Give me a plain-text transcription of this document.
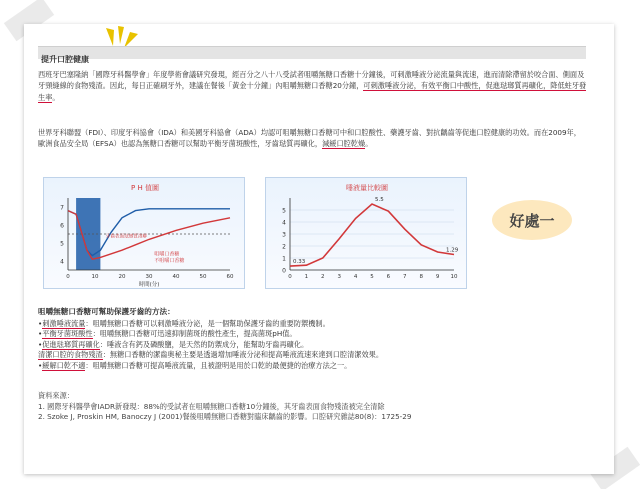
提升口腔健康
西班牙巴塞隆納「國際牙科醫學會」年度學術會議研究發現，經百分之八十八受試者咀嚼無糖口香糖十分鐘後，可刺激唾液分泌流量與流速，進而清除滯留於咬合面、側面及牙頸縫線的食物殘渣。因此，每日正確刷牙外，建議在餐後「黃金十分鐘」內咀嚼無糖口香糖20分鐘，可刺激唾液分泌，有效平衡口中酸性，促進琺瑯質再礦化，降低蛀牙發生率。
世界牙科聯盟（FDI）、印度牙科協會（IDA）和美國牙科協會（ADA）均認可咀嚼無糖口香糖可中和口腔酸性、藥護牙齒、對抗齲齒等促進口腔健康的功效。而在2009年，歐洲食品安全局（EFSA）也認為無糖口香糖可以幫助平衡牙菌斑酸性，牙齒琺質再礦化，減緩口腔乾燥。
P H 值圖
7
6
5
4
0	10	20	30	40	50	60
時間(分)
咀嚼口香糖
不咀嚼口香糖
牙齒表面琺瑯質溶解
唾液量比較圖
5
4
3
2
1
0
0 1 2 3 4 5 6 7 8 9 10
0.33
5.5
1.29
好處一
咀嚼無糖口香糖可幫助保護牙齒的方法：
•刺激唾液流量：咀嚼無糖口香糖可以刺激唾液分泌，是一個幫助保護牙齒的重要防禦機制。
•平衡牙菌斑酸性：咀嚼無糖口香糖可迅速抑制菌斑的酸性產生，提高菌斑pH值。
•促進琺瑯質再礦化：唾液含有鈣及磷酸鹽，是天然的防禦成分，能幫助牙齒再礦化。
清潔口腔的食物殘渣：無糖口香糖的潔齒奧秘主要是透過增加唾液分泌和提高唾液流速來達到口腔清潔效果。
•緩解口乾不適：咀嚼無糖口香糖可提高唾液流量，且被證明是用於口乾的最便捷的治療方法之一。
資料來源：
1. 國際牙科醫學會IADR新發現：88%的受試者在咀嚼無糖口香糖10分鐘後，其牙齒表面食物殘渣被完全清除
2. Szoke J, Proskin HM, Banoczy J (2001)餐後咀嚼無糖口香糖對臨床齲齒的影響。口腔研究雜誌80(8)：1725-29
